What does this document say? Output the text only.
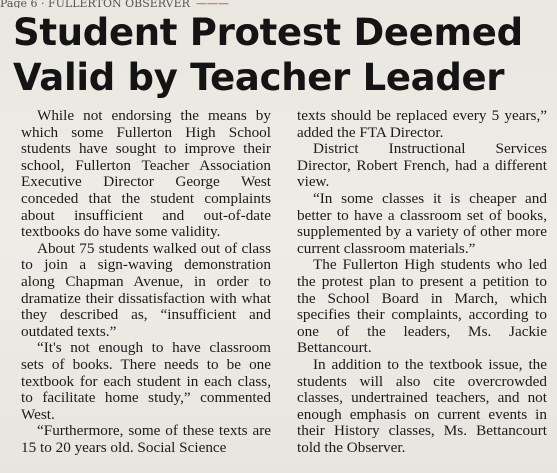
Page 6 · FULLERTON OBSERVER ———
Student Protest Deemed
Valid by Teacher Leader

While not endorsing the means by which some Fullerton High School students have sought to improve their school, Fullerton Teacher Association Executive Director George West conceded that the student complaints about insufficient and out-of-date textbooks do have some validity.

About 75 students walked out of class to join a sign-waving demonstration along Chapman Avenue, in order to dramatize their dissatisfaction with what they described as, “insufficient and outdated texts.”

“It's not enough to have classroom sets of books. There needs to be one textbook for each student in each class, to facilitate home study,” commented West.

“Furthermore, some of these texts are 15 to 20 years old. Social Science

texts should be replaced every 5 years,” added the FTA Director.

District Instructional Services Director, Robert French, had a different view.

“In some classes it is cheaper and better to have a classroom set of books, supplemented by a variety of other more current classroom materials.”

The Fullerton High students who led the protest plan to present a petition to the School Board in March, which specifies their complaints, according to one of the leaders, Ms. Jackie Bettancourt.

In addition to the textbook issue, the students will also cite overcrowded classes, undertrained teachers, and not enough emphasis on current events in their History classes, Ms. Bettancourt told the Observer.
